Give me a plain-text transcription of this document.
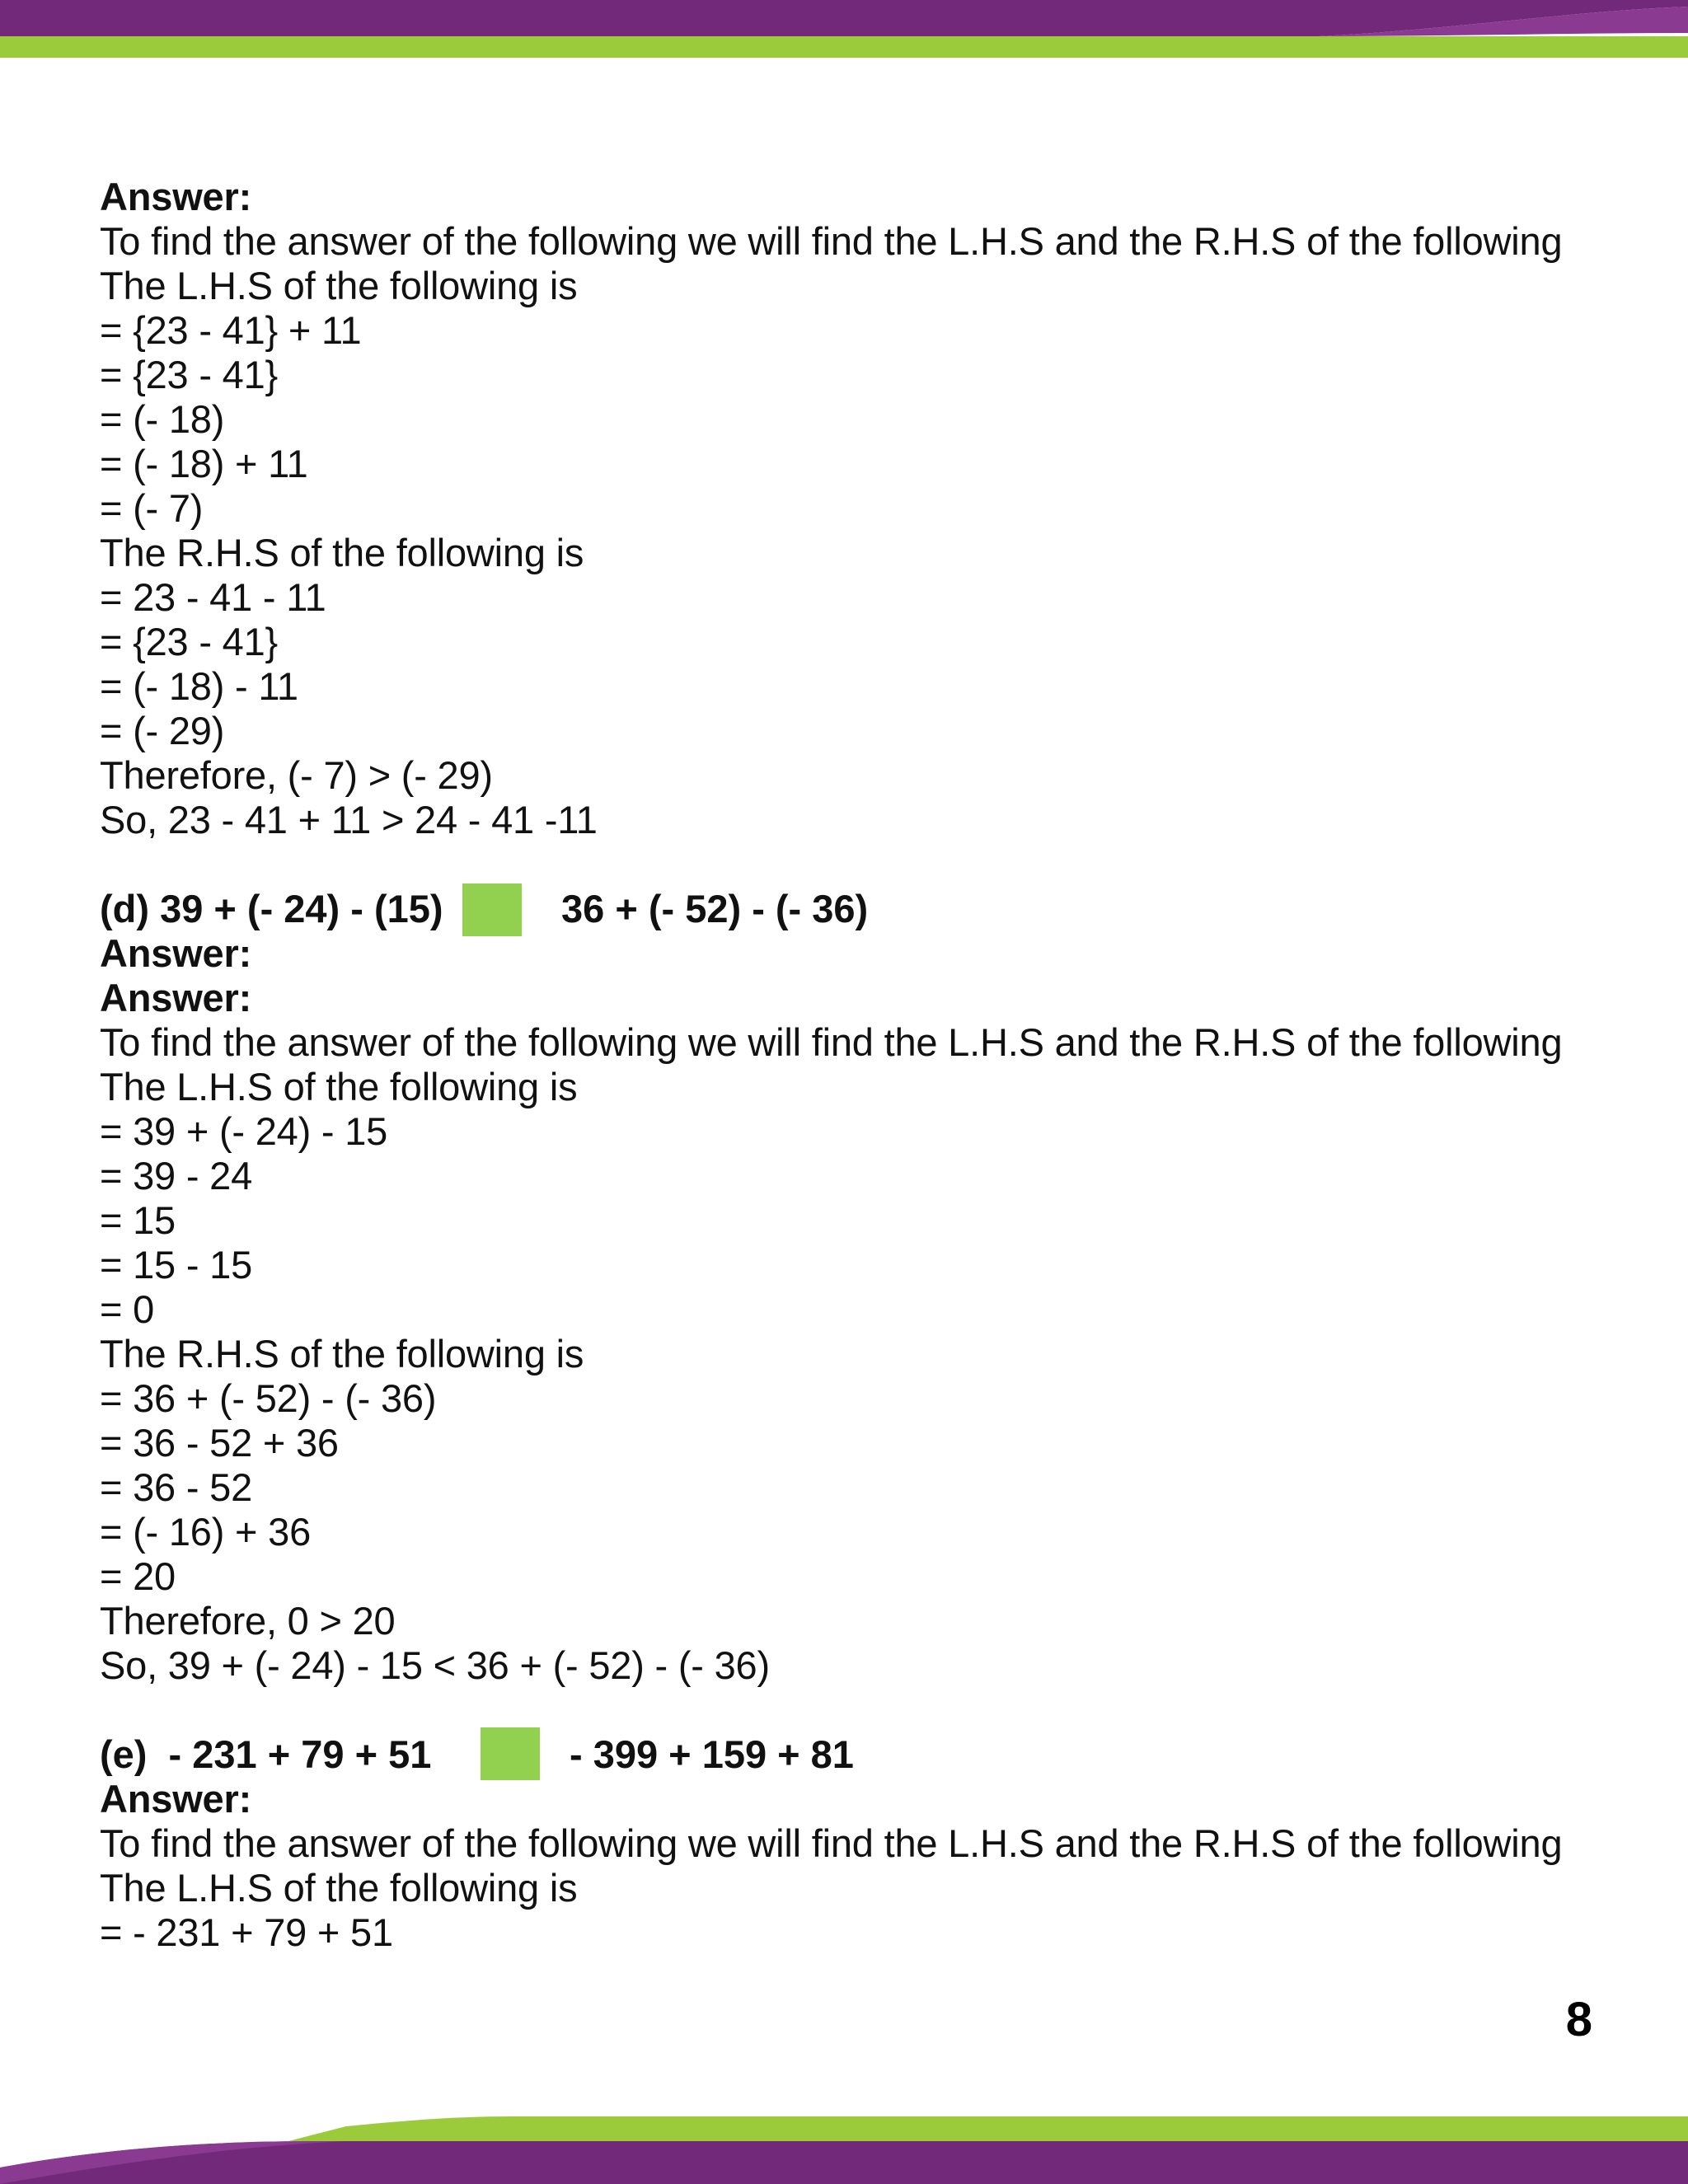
Answer:
To find the answer of the following we will find the L.H.S and the R.H.S of the following
The L.H.S of the following is
= {23 - 41} + 11
= {23 - 41}
= (- 18)
= (- 18) + 11
= (- 7)
The R.H.S of the following is
= 23 - 41 - 11
= {23 - 41}
= (- 18) - 11
= (- 29)
Therefore, (- 7) > (- 29)
So, 23 - 41 + 11 > 24 - 41 -11
(d) 39 + (- 24) - (15)	36 + (- 52) - (- 36)
Answer:
Answer:
To find the answer of the following we will find the L.H.S and the R.H.S of the following
The L.H.S of the following is
= 39 + (- 24) - 15
= 39 - 24
= 15
= 15 - 15
= 0
The R.H.S of the following is
= 36 + (- 52) - (- 36)
= 36 - 52 + 36
= 36 - 52
= (- 16) + 36
= 20
Therefore, 0 > 20
So, 39 + (- 24) - 15 < 36 + (- 52) - (- 36)
(e)  - 231 + 79 + 51	- 399 + 159 + 81
Answer:
To find the answer of the following we will find the L.H.S and the R.H.S of the following
The L.H.S of the following is
= - 231 + 79 + 51
8
